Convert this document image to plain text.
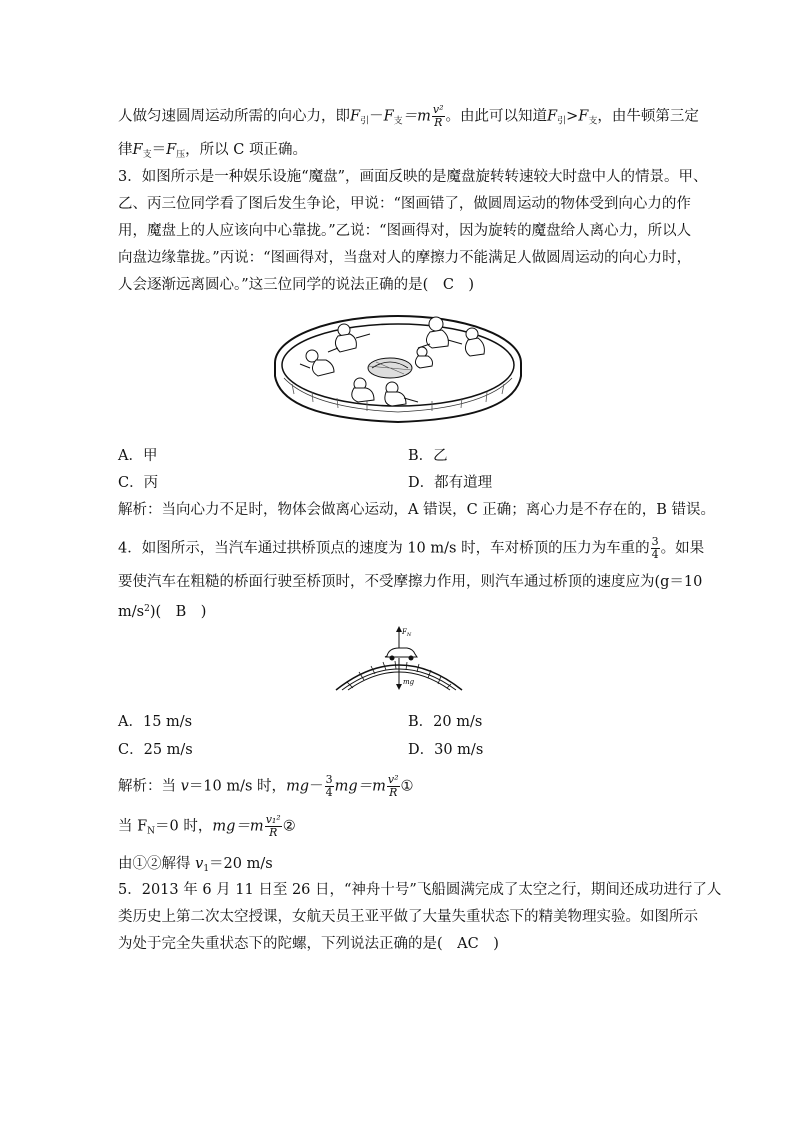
人做匀速圆周运动所需的向心力，即$F_引-F_支=m \frac{\text{v²}}{R}$ 。由此可以知道$F_引>F_支$，由牛顿第三定
律$F_支=F_压$，所以 C 项正确。
3．如图所示是一种娱乐设施“魔盘”，画面反映的是魔盘旋转转速较大时盘中人的情景。甲、
乙、丙三位同学看了图后发生争论，甲说：“图画错了，做圆周运动的物体受到向心力的作
用，魔盘上的人应该向中心靠拢。”乙说：“图画得对，因为旋转的魔盘给人离心力，所以人
向盘边缘靠拢。”丙说：“图画得对，当盘对人的摩擦力不能满足人做圆周运动的向心力时，
人会逐渐远离圆心。”这三位同学的说法正确的是(　C　)
A．甲	B．乙
C．丙	D．都有道理
解析：当向心力不足时，物体会做离心运动，A 错误，C 正确；离心力是不存在的，B 错误。
4．如图所示，当汽车通过拱桥顶点的速度为 10 m/s 时，车对桥顶的压力为车重的 $\frac{3}{4}$ 。如果
要使汽车在粗糙的桥面行驶至桥顶时，不受摩擦力作用，则汽车通过桥顶的速度应为(g＝10
$m/s^2$)(　B　)
$F_N$
mg
A．15 m/s	B．20 m/s
C．25 m/s	D．30 m/s
解析：当 v＝10 m/s 时，$mg- \frac{3}{4} mg=m \frac{\text{v²}}{R}$ ①
当 $F_N=0$ 时，$mg=m \frac{\text{v₁²}}{R}$ ②
由①②解得 $v_1=20$ m/s
5．2013 年 6 月 11 日至 26 日，“神舟十号”飞船圆满完成了太空之行，期间还成功进行了人
类历史上第二次太空授课，女航天员王亚平做了大量失重状态下的精美物理实验。如图所示
为处于完全失重状态下的陀螺，下列说法正确的是(　AC　)
